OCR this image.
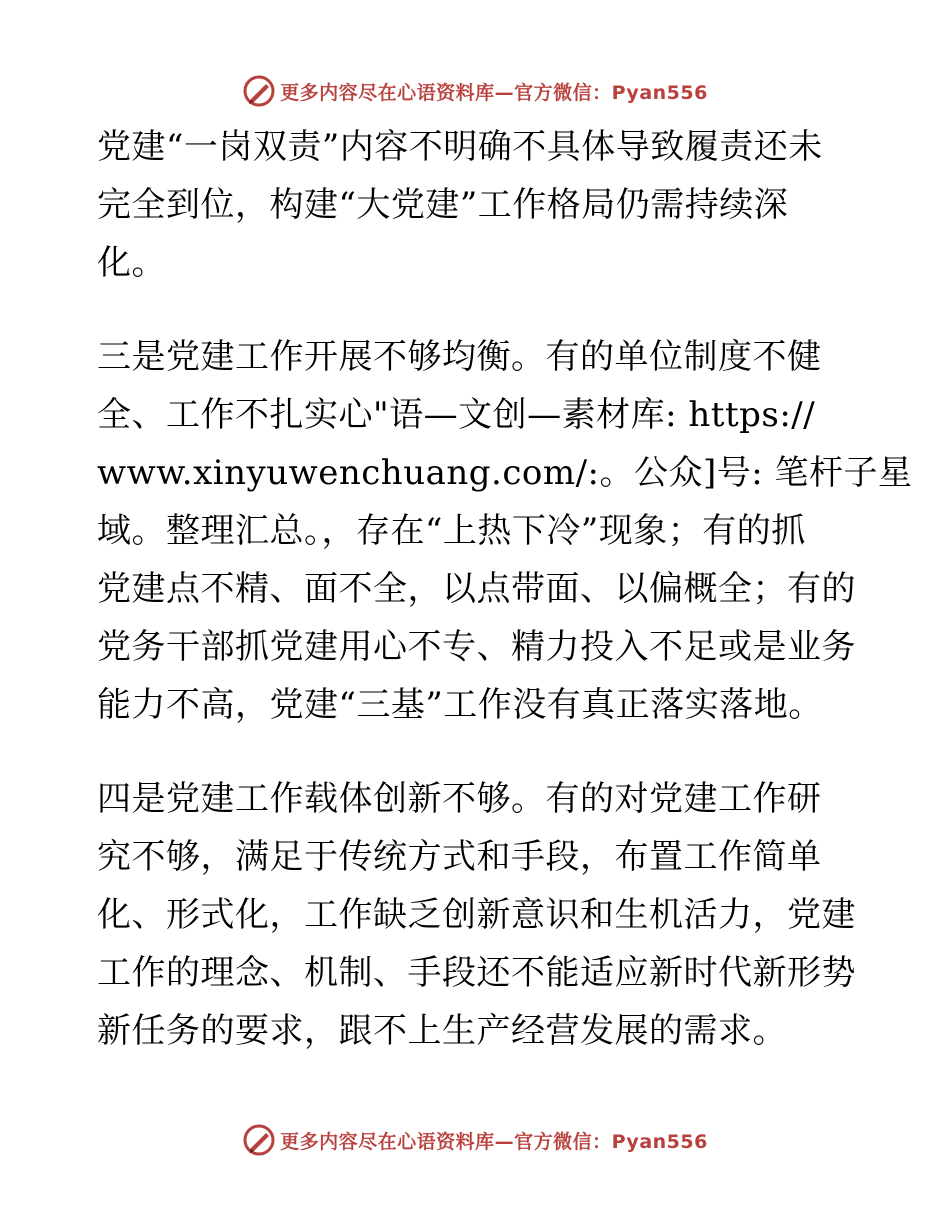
更多内容尽在心语资料库—官方微信：Pyan556
党建“一岗双责”内容不明确不具体导致履责还未
完全到位，构建“大党建”工作格局仍需持续深
化。
三是党建工作开展不够均衡。有的单位制度不健
全、工作不扎实心"语—文创—素材库: https://
www.xinyuwenchuang.com/:。公众]号: 笔杆子星
域。整理汇总。，存在“上热下冷”现象；有的抓
党建点不精、面不全，以点带面、以偏概全；有的
党务干部抓党建用心不专、精力投入不足或是业务
能力不高，党建“三基”工作没有真正落实落地。
四是党建工作载体创新不够。有的对党建工作研
究不够，满足于传统方式和手段，布置工作简单
化、形式化，工作缺乏创新意识和生机活力，党建
工作的理念、机制、手段还不能适应新时代新形势
新任务的要求，跟不上生产经营发展的需求。
更多内容尽在心语资料库—官方微信：Pyan556
